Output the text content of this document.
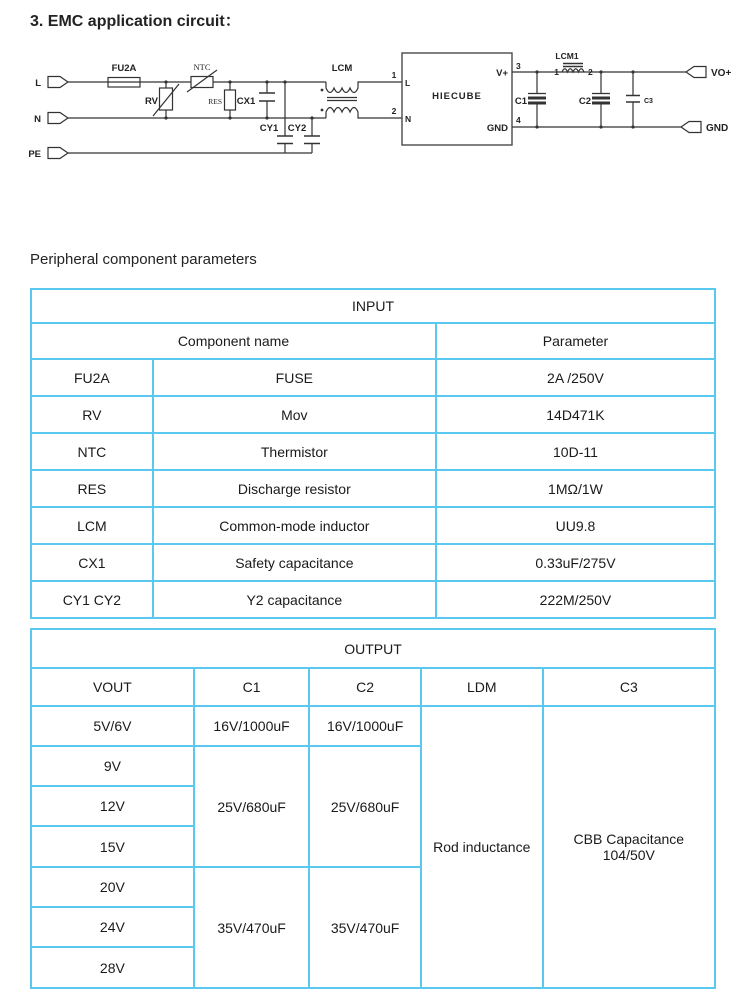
3. EMC application circuit：
L
N
PE
FU2A	NTC
RV	RES CX1
CY1 CY2
LCM
1
2
L
N
HIECUBE
V+
GND
3
4
C1
LCM1
1	2
C2	C3
VO+
GND
Peripheral component parameters
INPUT		
Component name		Parameter
FU2A	FUSE	2A /250V
RV	Mov	14D471K
NTC	Thermistor	10D-11
RES	Discharge resistor	1MΩ/1W
LCM	Common-mode inductor	UU9.8
CX1	Safety capacitance	0.33uF/275V
CY1 CY2	Y2 capacitance	222M/250V
OUTPUT				
VOUT	C1	C2	LDM	C3
5V/6V	16V/1000uF	16V/1000uF	Rod inductance	CBB Capacitance
104/50V

9V	25V/680uF	25V/680uF		
12V				
15V				
20V	35V/470uF	35V/470uF		
24V				
28V				
